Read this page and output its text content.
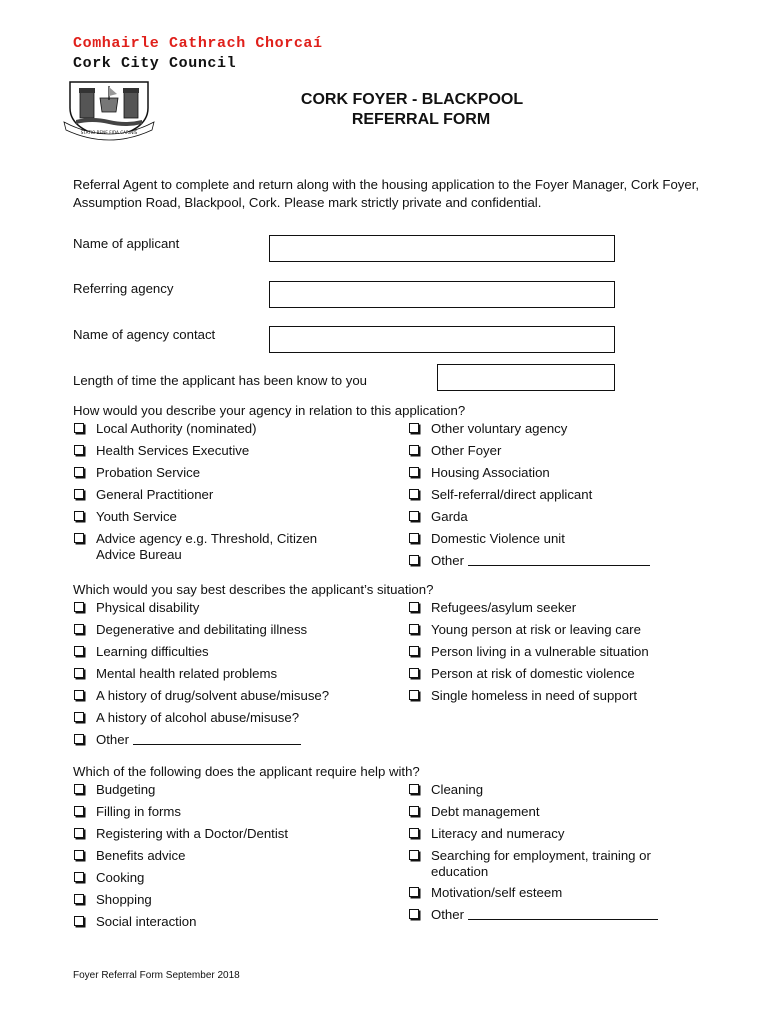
Comhairle Cathrach Chorcaí
Cork City Council
STATIO BENE FIDA CARINIS
CORK FOYER - BLACKPOOL
REFERRAL FORM
Referral Agent to complete and return along with the housing application to the Foyer Manager, Cork Foyer, Assumption Road, Blackpool, Cork. Please mark strictly private and confidential.
Name of applicant
Referring agency
Name of agency contact
Length of time the applicant has been know to you
How would you describe your agency in relation to this application?
Local Authority (nominated)
Health Services Executive
Probation Service
General Practitioner
Youth Service
Advice agency e.g. Threshold, Citizen
Advice Bureau
Other voluntary agency
Other Foyer
Housing Association
Self-referral/direct applicant
Garda
Domestic Violence unit
Other
Which would you say best describes the applicant’s situation?
Physical disability
Degenerative and debilitating illness
Learning difficulties
Mental health related problems
A history of drug/solvent abuse/misuse?
A history of alcohol abuse/misuse?
Other
Refugees/asylum seeker
Young person at risk or leaving care
Person living in a vulnerable situation
Person at risk of domestic violence
Single homeless in need of support
Which of the following does the applicant require help with?
Budgeting
Filling in forms
Registering with a Doctor/Dentist
Benefits advice
Cooking
Shopping
Social interaction
Cleaning
Debt management
Literacy and numeracy
Searching for employment, training or
education
Motivation/self esteem
Other
Foyer Referral Form September 2018
